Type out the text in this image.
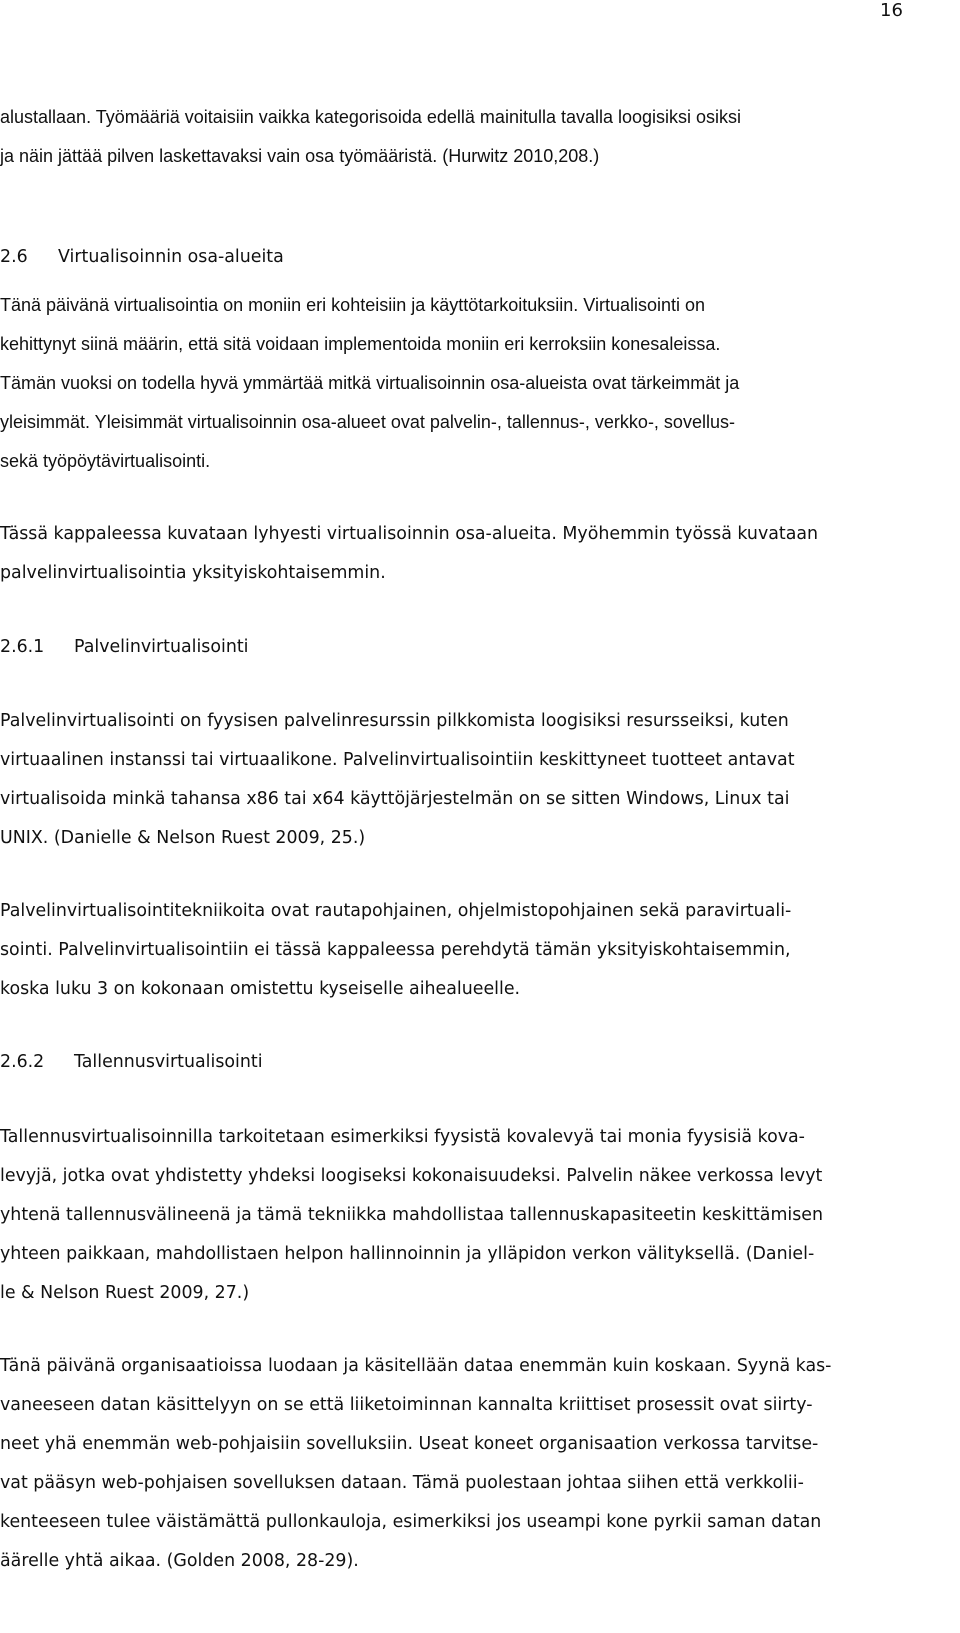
16
alustallaan. Työmääriä voitaisiin vaikka kategorisoida edellä mainitulla tavalla loogisiksi osiksi
ja näin jättää pilven laskettavaksi vain osa työmääristä. (Hurwitz 2010,208.)
2.6 Virtualisoinnin osa-alueita
Tänä päivänä virtualisointia on moniin eri kohteisiin ja käyttötarkoituksiin. Virtualisointi on
kehittynyt siinä määrin, että sitä voidaan implementoida moniin eri kerroksiin konesaleissa.
Tämän vuoksi on todella hyvä ymmärtää mitkä virtualisoinnin osa-alueista ovat tärkeimmät ja
yleisimmät. Yleisimmät virtualisoinnin osa-alueet ovat palvelin-, tallennus-, verkko-, sovellus-
sekä työpöytävirtualisointi.
Tässä kappaleessa kuvataan lyhyesti virtualisoinnin osa-alueita. Myöhemmin työssä kuvataan
palvelinvirtualisointia yksityiskohtaisemmin.
2.6.1 Palvelinvirtualisointi
Palvelinvirtualisointi on fyysisen palvelinresurssin pilkkomista loogisiksi resursseiksi, kuten
virtuaalinen instanssi tai virtuaalikone. Palvelinvirtualisointiin keskittyneet tuotteet antavat
virtualisoida minkä tahansa x86 tai x64 käyttöjärjestelmän on se sitten Windows, Linux tai
UNIX. (Danielle & Nelson Ruest 2009, 25.)
Palvelinvirtualisointitekniikoita ovat rautapohjainen, ohjelmistopohjainen sekä paravirtuali-
sointi. Palvelinvirtualisointiin ei tässä kappaleessa perehdytä tämän yksityiskohtaisemmin,
koska luku 3 on kokonaan omistettu kyseiselle aihealueelle.
2.6.2 Tallennusvirtualisointi
Tallennusvirtualisoinnilla tarkoitetaan esimerkiksi fyysistä kovalevyä tai monia fyysisiä kova-
levyjä, jotka ovat yhdistetty yhdeksi loogiseksi kokonaisuudeksi. Palvelin näkee verkossa levyt
yhtenä tallennusvälineenä ja tämä tekniikka mahdollistaa tallennuskapasiteetin keskittämisen
yhteen paikkaan, mahdollistaen helpon hallinnoinnin ja ylläpidon verkon välityksellä. (Daniel-
le & Nelson Ruest 2009, 27.)
Tänä päivänä organisaatioissa luodaan ja käsitellään dataa enemmän kuin koskaan. Syynä kas-
vaneeseen datan käsittelyyn on se että liiketoiminnan kannalta kriittiset prosessit ovat siirty-
neet yhä enemmän web-pohjaisiin sovelluksiin. Useat koneet organisaation verkossa tarvitse-
vat pääsyn web-pohjaisen sovelluksen dataan. Tämä puolestaan johtaa siihen että verkkolii-
kenteeseen tulee väistämättä pullonkauloja, esimerkiksi jos useampi kone pyrkii saman datan
äärelle yhtä aikaa. (Golden 2008, 28-29).
